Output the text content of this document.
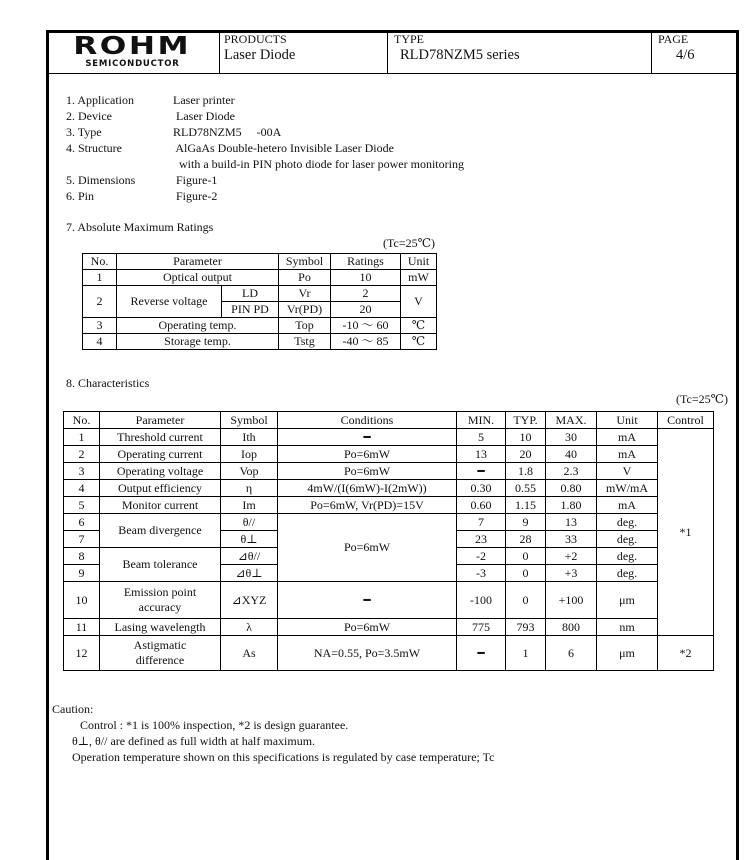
ROHM
SEMICONDUCTOR
PRODUCTS
Laser Diode
TYPE
RLD78NZM5 series
PAGE
4/6
1. Application	Laser printer
2. Device	Laser Diode
3. Type	RLD78NZM5     -00A
4. Structure	AlGaAs Double-hetero Invisible Laser Diode
with a build-in PIN photo diode for laser power monitoring
5. Dimensions	Figure-1
6. Pin	Figure-2
7. Absolute Maximum Ratings
(Tc=25℃)
No.	Parameter		Symbol	Ratings	Unit
1	Optical output		Po	10	mW
2	Reverse voltage	LD	Vr	2	V
		PIN PD	Vr(PD)	20	
3	Operating temp.		Top	-10 ～ 60	℃
4	Storage temp.		Tstg	-40 ～ 85	℃
8. Characteristics
(Tc=25℃)
No.	Parameter	Symbol	Conditions	MIN.	TYP.	MAX.	Unit	Control
1	Threshold current	Ith	━	5	10	30	mA	*1
2	Operating current	Iop	Po=6mW	13	20	40	mA	
3	Operating voltage	Vop	Po=6mW	━	1.8	2.3	V	
4	Output efficiency	η	4mW/(I(6mW)-I(2mW))	0.30	0.55	0.80	mW/mA	
5	Monitor current	Im	Po=6mW, Vr(PD)=15V	0.60	1.15	1.80	mA	
6	Beam divergence	θ//	Po=6mW	7	9	13	deg.	
7		θ⊥		23	28	33	deg.	
8	Beam tolerance	⊿θ//		-2	0	+2	deg.	
9		⊿θ⊥		-3	0	+3	deg.	
10	Emission point
accuracy	⊿XYZ	━	-100	0	+100	μm	
11	Lasing wavelength	λ	Po=6mW	775	793	800	nm	
12	Astigmatic
difference	As	NA=0.55, Po=3.5mW	━	1	6	μm	*2
Caution:
Control : *1 is 100% inspection, *2 is design guarantee.
θ⊥, θ// are defined as full width at half maximum.
Operation temperature shown on this specifications is regulated by case temperature; Tc
